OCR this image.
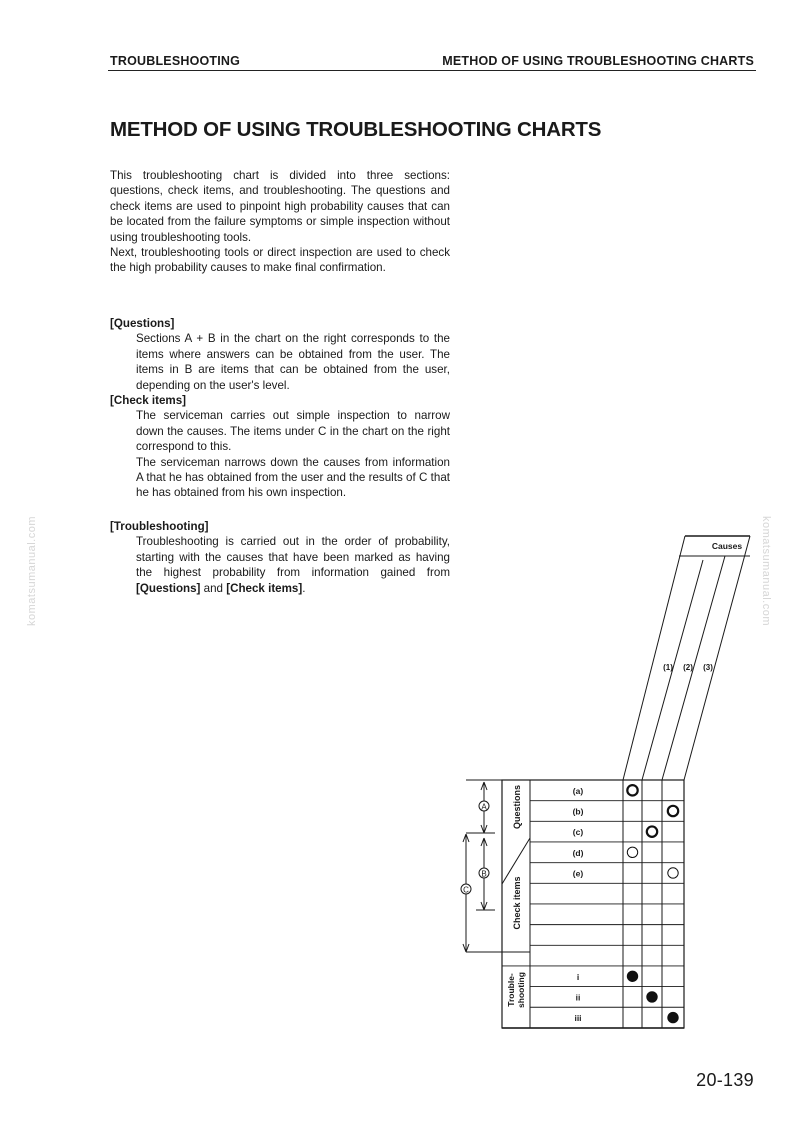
TROUBLESHOOTING	METHOD OF USING TROUBLESHOOTING CHARTS
METHOD OF USING TROUBLESHOOTING CHARTS

This troubleshooting chart is divided into three sections: questions, check items, and troubleshooting. The questions and check items are used to pinpoint high probability causes that can be located from the failure symptoms or simple inspection without using troubleshooting tools.

Next, troubleshooting tools or direct inspection are used to check the high probability causes to make final confirmation.

[Questions]

Sections A + B in the chart on the right corresponds to the items where answers can be obtained from the user. The items in B are items that can be obtained from the user, depending on the user's level.

[Check items]

The serviceman carries out simple inspection to narrow down the causes. The items under C in the chart on the right correspond to this.

The serviceman narrows down the causes from information A that he has obtained from the user and the results of C that he has obtained from his own inspection.

[Troubleshooting]

Troubleshooting is carried out in the order of probability, starting with the causes that have been marked as having the highest probability from information gained from [Questions] and [Check items].

komatsumanual.com	komatsumanual.com
A
B
C
Causes
(1) (2) (3)
Questions
Check items
Trouble- shooting
(a)
(b)
(c)
(d)
(e)
i
ii
iii
20-139
